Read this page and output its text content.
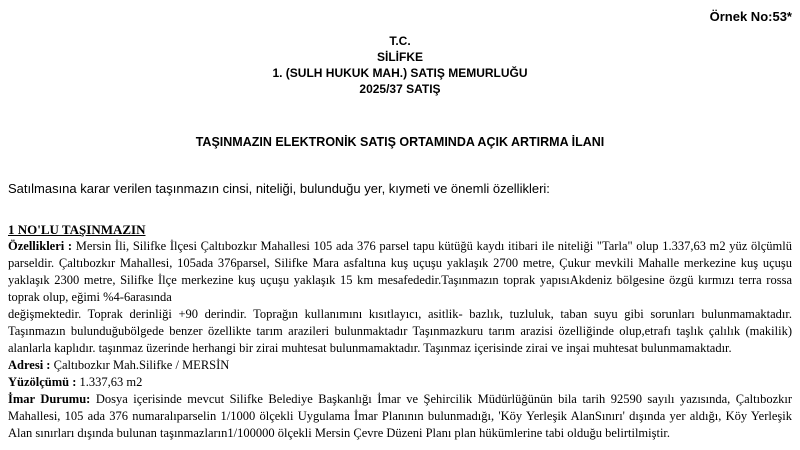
Örnek No:53*
T.C.
SİLİFKE
1. (SULH HUKUK MAH.) SATIŞ MEMURLUĞU
2025/37 SATIŞ
TAŞINMAZIN ELEKTRONİK SATIŞ ORTAMINDA AÇIK ARTIRMA İLANI
Satılmasına karar verilen taşınmazın cinsi, niteliği, bulunduğu yer, kıymeti ve önemli özellikleri:
1 NO'LU TAŞINMAZIN

Özellikleri : Mersin İli, Silifke İlçesi Çaltıbozkır Mahallesi 105 ada 376 parsel tapu kütüğü kaydı itibari ile niteliği "Tarla" olup 1.337,63 m2 yüz ölçümlü parseldir. Çaltıbozkır Mahallesi, 105ada 376parsel, Silifke Mara asfaltına kuş uçuşu yaklaşık 2700 metre, Çukur mevkili Mahalle merkezine kuş uçuşu yaklaşık 2300 metre, Silifke İlçe merkezine kuş uçuşu yaklaşık 15 km mesafededir.Taşınmazın toprak yapısıAkdeniz bölgesine özgü kırmızı terra rossa toprak olup, eğimi %4-6arasında

değişmektedir. Toprak derinliği +90 derindir. Toprağın kullanımını kısıtlayıcı, asitlik- bazlık, tuzluluk, taban suyu gibi sorunları bulunmamaktadır. Taşınmazın bulunduğubölgede benzer özellikte tarım arazileri bulunmaktadır Taşınmazkuru tarım arazisi özelliğinde olup,etrafı taşlık çalılık (makilik) alanlarla kaplıdır. taşınmaz üzerinde herhangi bir zirai muhtesat bulunmamaktadır. Taşınmaz içerisinde zirai ve inşai muhtesat bulunmamaktadır.

Adresi : Çaltıbozkır Mah.Silifke / MERSİN

Yüzölçümü : 1.337,63 m2

İmar Durumu: Dosya içerisinde mevcut Silifke Belediye Başkanlığı İmar ve Şehircilik Müdürlüğünün bila tarih 92590 sayılı yazısında, Çaltıbozkır Mahallesi, 105 ada 376 numaralıparselin 1/1000 ölçekli Uygulama İmar Planının bulunmadığı, 'Köy Yerleşik AlanSınırı' dışında yer aldığı, Köy Yerleşik Alan sınırları dışında bulunan taşınmazların1/100000 ölçekli Mersin Çevre Düzeni Planı plan hükümlerine tabi olduğu belirtilmiştir.
